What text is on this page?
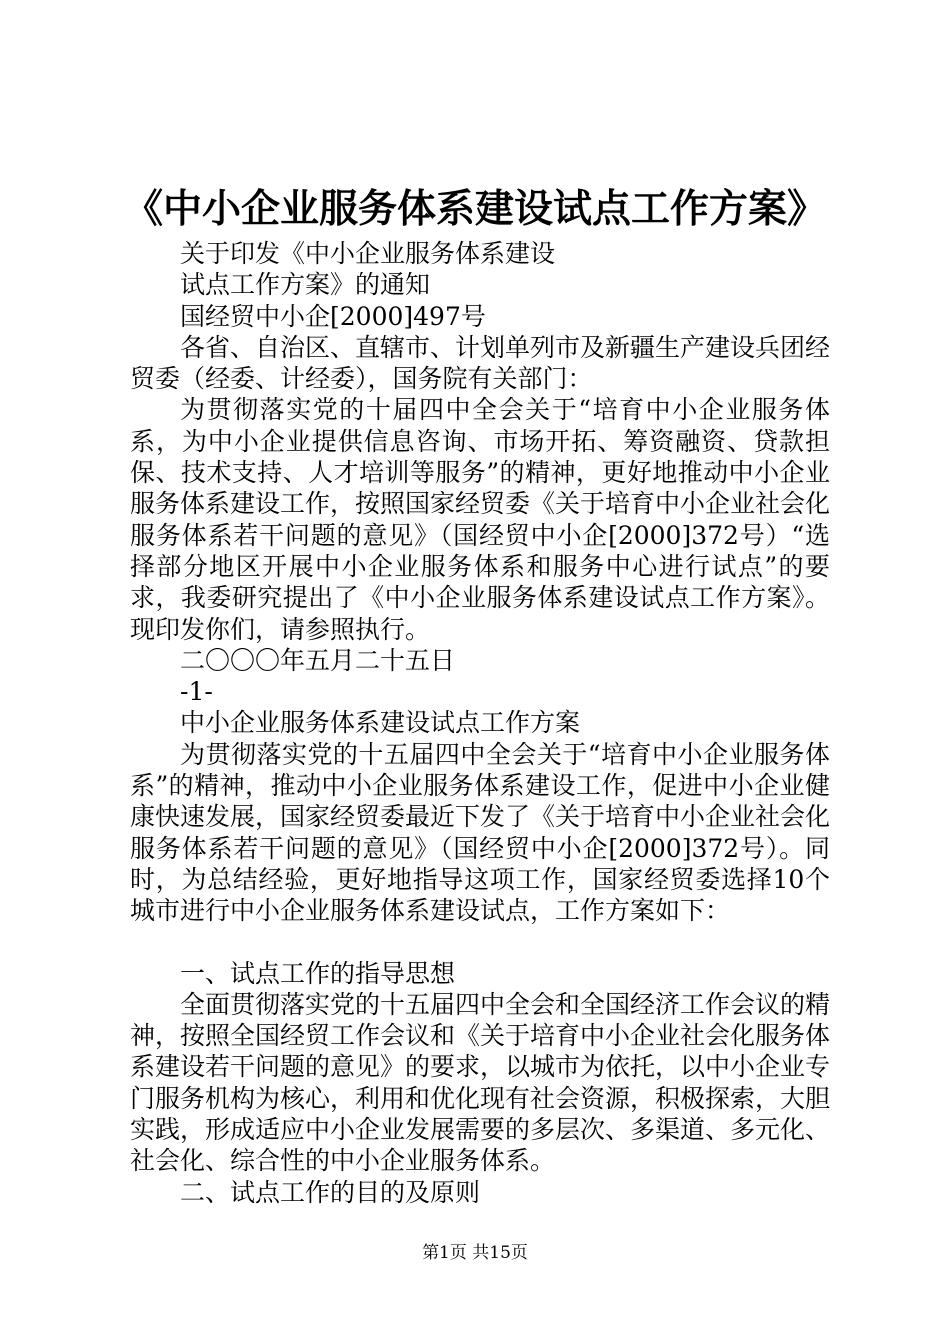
《中小企业服务体系建设试点工作方案》
关于印发《中小企业服务体系建设
试点工作方案》的通知
国经贸中小企[2000]497号

各省、自治区、直辖市、计划单列市及新疆生产建设兵团经贸委（经委、计经委），国务院有关部门：

为贯彻落实党的十届四中全会关于“培育中小企业服务体系，为中小企业提供信息咨询、市场开拓、筹资融资、贷款担保、技术支持、人才培训等服务”的精神，更好地推动中小企业服务体系建设工作，按照国家经贸委《关于培育中小企业社会化服务体系若干问题的意见》（国经贸中小企[2000]372号）“选择部分地区开展中小企业服务体系和服务中心进行试点”的要求，我委研究提出了《中小企业服务体系建设试点工作方案》。现印发你们，请参照执行。

二〇〇〇年五月二十五日
-1-
中小企业服务体系建设试点工作方案

为贯彻落实党的十五届四中全会关于“培育中小企业服务体系”的精神，推动中小企业服务体系建设工作，促进中小企业健康快速发展，国家经贸委最近下发了《关于培育中小企业社会化服务体系若干问题的意见》（国经贸中小企[2000]372号）。同时，为总结经验，更好地指导这项工作，国家经贸委选择10个城市进行中小企业服务体系建设试点，工作方案如下：

一、试点工作的指导思想

全面贯彻落实党的十五届四中全会和全国经济工作会议的精神，按照全国经贸工作会议和《关于培育中小企业社会化服务体系建设若干问题的意见》的要求，以城市为依托，以中小企业专门服务机构为核心，利用和优化现有社会资源，积极探索，大胆实践，形成适应中小企业发展需要的多层次、多渠道、多元化、社会化、综合性的中小企业服务体系。

二、试点工作的目的及原则
第1页 共15页
